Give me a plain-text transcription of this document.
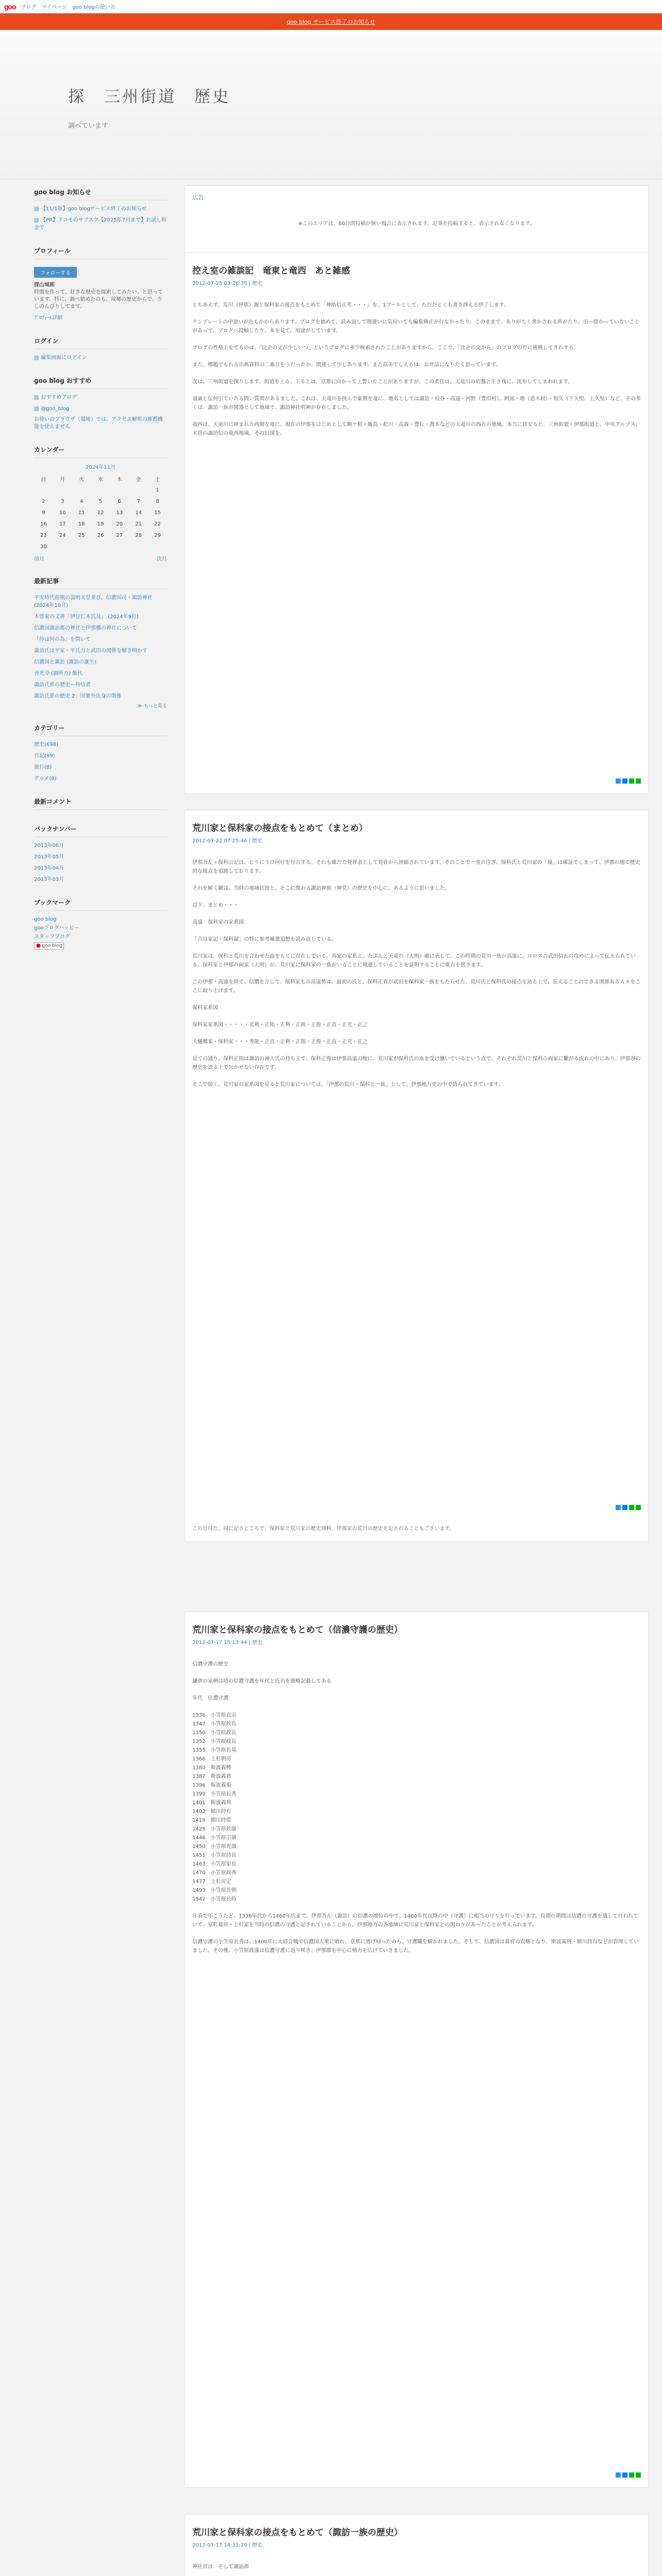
goo ブログ マイページ goo blogの使い方
goo blog サービス終了のお知らせ
探　三州街道　歴史
調べています
goo blog お知らせ
【11/1版】goo blogサービス終了のお知らせ
【PR】ドコモのサブスク【2025年7月まで】お試し料金で
プロフィール
フォローする

探山城郭

時間を作って、好きな歴史を探索してみたい。と思っています。特に、調べ始めたのも、故郷の歴史からで、少しのんびりしてます。

ﾌﾟﾛﾌｨｰﾙ詳細

ログイン
編集画面にログイン
goo blog おすすめ
おすすめブログ
@goo_blog

お使いのブラウザ（環境）では、アクセス解析の推薦機能を使えません

カレンダー
2024年11月
日	月	火	水	木	金	土
						1
2	3	4	5	6	7	8
9	10	11	12	13	14	15
16	17	18	19	20	21	22
23	24	25	26	27	28	29
30						
前月	次月
最新記事
平安時代前期の弱明天皇並び、信濃国司・諏訪神社 (2024年10月)
木曽家の文書「伊豆仁木氏及」 (2024年9月)
信濃国諏訪郡の神社と伊那郷の神社について
「侍は何の為」を問いて
諏訪氏は平家・平氏方と武田の関係を解き明かす
信濃国と諏訪 (諏訪の誕生)
善光寺 (御所方) 飯代
諏訪氏系の歴史ー侍信者
諏訪氏系の歴史 2：国衆外出身の関係
≫ もっと見る
カテゴリー
歴史(698)
日記(99)
旅行(8)
グルメ(8)
最新コメント
バックナンバー
2013年06月
2013年05月
2013年04月
2013年03月
ブックマーク
goo blog
gooブログハッピー
スタッフブログ
■ goo blog
広告
※このエリアは、60日間投稿が無い場合に表示されます。記事を投稿すると、表示されなくなります。
控え室の雑談記　竜東と竜西　あと雑感
2012-07-25 03:26:35 | 歴史

とちあえず。荒川（伊那）源と保科家の接点をもとめて「神助信正考・・・」を、1ブールとして、ただだとくも書き終える終了します。

テンプレートの中途いがたもかからあります。ブログを始めて、読み返して間違いに気付いても編集修正が行なかったり、このままで、ありがたく書かされる所がたり、引っ掛かっていないことがあって、ブログへ投稿したり、本を見て、用途がしています。

ブログの性格上をでものは、「比企の文が少しいつ」というブログに多少検索されたことがありますから。ここで、「比企の文から」のブログの方に挑戦してきれする。

また、標題でもれる出典資料の二番目をうだったか、関連して少しあります。また高美でしえるは、お世話になりたく思っています。

次は、三州街道を探りします。街道を上る、下るとは、京都に向かって上警いたことがありますが、この者往は、天竜川の岩盤と生き残に、流布してしまわれます。

竜東と伝何引ていたる問い質問があるました。これは、天竜川を挟んで東側を竜に、地名としては諏訪・長谷・高遠・河野（豊田村）、阿南・地（恩木村）・知久（下久堅、上久堅）など。その多くは、諏訪一族が関連として地域で、諏訪神社明神が存在しました。

竜西は、天竜川に挟まれた西側を竜に、現在の伊那をはじめとして駒ケ根・飯島・松川・高森・豊丘・喬木などの天竜川の西方の地域。本当に目安ると、三州街道・伊那街道と、中央アルプス、木曽の諏訪信の竜西地域。その旧図を、

荒川家と保科家の接点をもとめて（まとめ）
2012-07-22 07:25:46 | 歴史

伊那吾左ヶ保科公記は、とりにうけ何付を付言する。それも確だた発祥表として発祥から評価されています。そのことで一度の注ぎ、保科氏と荒川家の「縁」は確証でしまって、伊那の地で歴史的な接点を追跡しております。

それを解く鍵は、当時の地域状況と、そこに関わる諏訪神族（神党）の歴史を中心に、あるように思いました。

以下、まとめ・・・

高遠　保科家の家系図

「吉良家記・保科録」の特に参考補遺追想を読み返している。

荒川家は、保科と荒川を合わせた血をもとに存在しでいる。各家の家系と、たぶんと天竜の（大明）確に表して、この時期の荒川一族が高遠に、ロロスの武田信玄の攻めによって伝えられている。保科家と伊那の両家（大明）が、荒川家に保科家の一族がいることに関連していることを証明することに重点を置きます。

この伊那・高遠を経て、信濃を介して、保科家もの高遠勢は、最初の氏と、保科正直が武田を保科家一族をもたらせた、荒川氏と保科氏の接点を辿る上で、伝えることのできる関係ある人々をここに取り上げます。

保科家系図

保科家家系図・・・・・光利・正知・正利・正則・正俊・正直・正光・正之

大樋郷家・保科家・・・秀能・正直・正利・正則・正俊・正直・正光・正之

見ての通り、保科正則は諏訪の神人氏の持ち主で、保科正俊は伊那高遠の地に、荒川家が保科氏の血を受け継いでいるという点で、それぞれ荒川と保科の両家に繋がる流れの中にあり、伊那谷の歴史を語る上で欠かせない存在です。

そこで続く、荒川家の家系図を見ると荒川家については、「伊那の荒川・保科と一族」として、伊那地方史の中で語られてきています。

この日付だ、同に記さところで、保科家と荒川家の歴史資料、伊那家の荒川の歴史を記されることもございます。
荒川家と保科家の接点をもとめて（信濃守護の歴史）
2012-07-17 15:13:44 | 歴史

信濃守護の歴史

鎌倉の家柄は時の信濃守護を年代と氏名を簡略記載してある

年代　信濃守護

1336　小笠原貞宗
1347　小笠原政長
1350　小笠原政長
1352　小笠原政長
1355　小笠原長基
1366　上杉朝房
1380　斯波義種
1387　斯波義将
1396　斯波義重
1399　小笠原長秀
1401　斯波義将
1402　細川持有
1419　細川持常
1425　小笠原政康
1446　小笠原宗康
1450　小笠原光康
1451　小笠原持長
1463　小笠原家長
1470　小笠原政秀
1477　上杉房定
1493　小笠原長朝
1542　小笠原長時

年表で年こうたど、1336年代から1460年代まで、伊那吾左（諏訪）の信濃の地位の中で、1460年代以降の中（守護）に相当の守りを行っています。長期の期間は信濃の守護を通して行われていて、室町幕府・上杉家を当時の信濃の守護と記されていることから、伊那地方の各地域に荒川家と保科家との関わりがあったことが考えられます。

信濃守護の小笠原長秀は、1400年に大塔合戦で信濃国人衆に敗れ、京都に逃げ帰ったのち、守護職を解かれました。そして、信濃国は幕府の直轄となり、斯波義将・細川持有などが管理していました。その後、小笠原政康は信濃守護に返り咲き、伊那郡を中心に勢力を広げていきました。

荒川家と保科家の接点をもとめて（諏訪一族の歴史）
2012-07-17 14:31:19 | 歴史

神社宮は　そして諏訪郎
